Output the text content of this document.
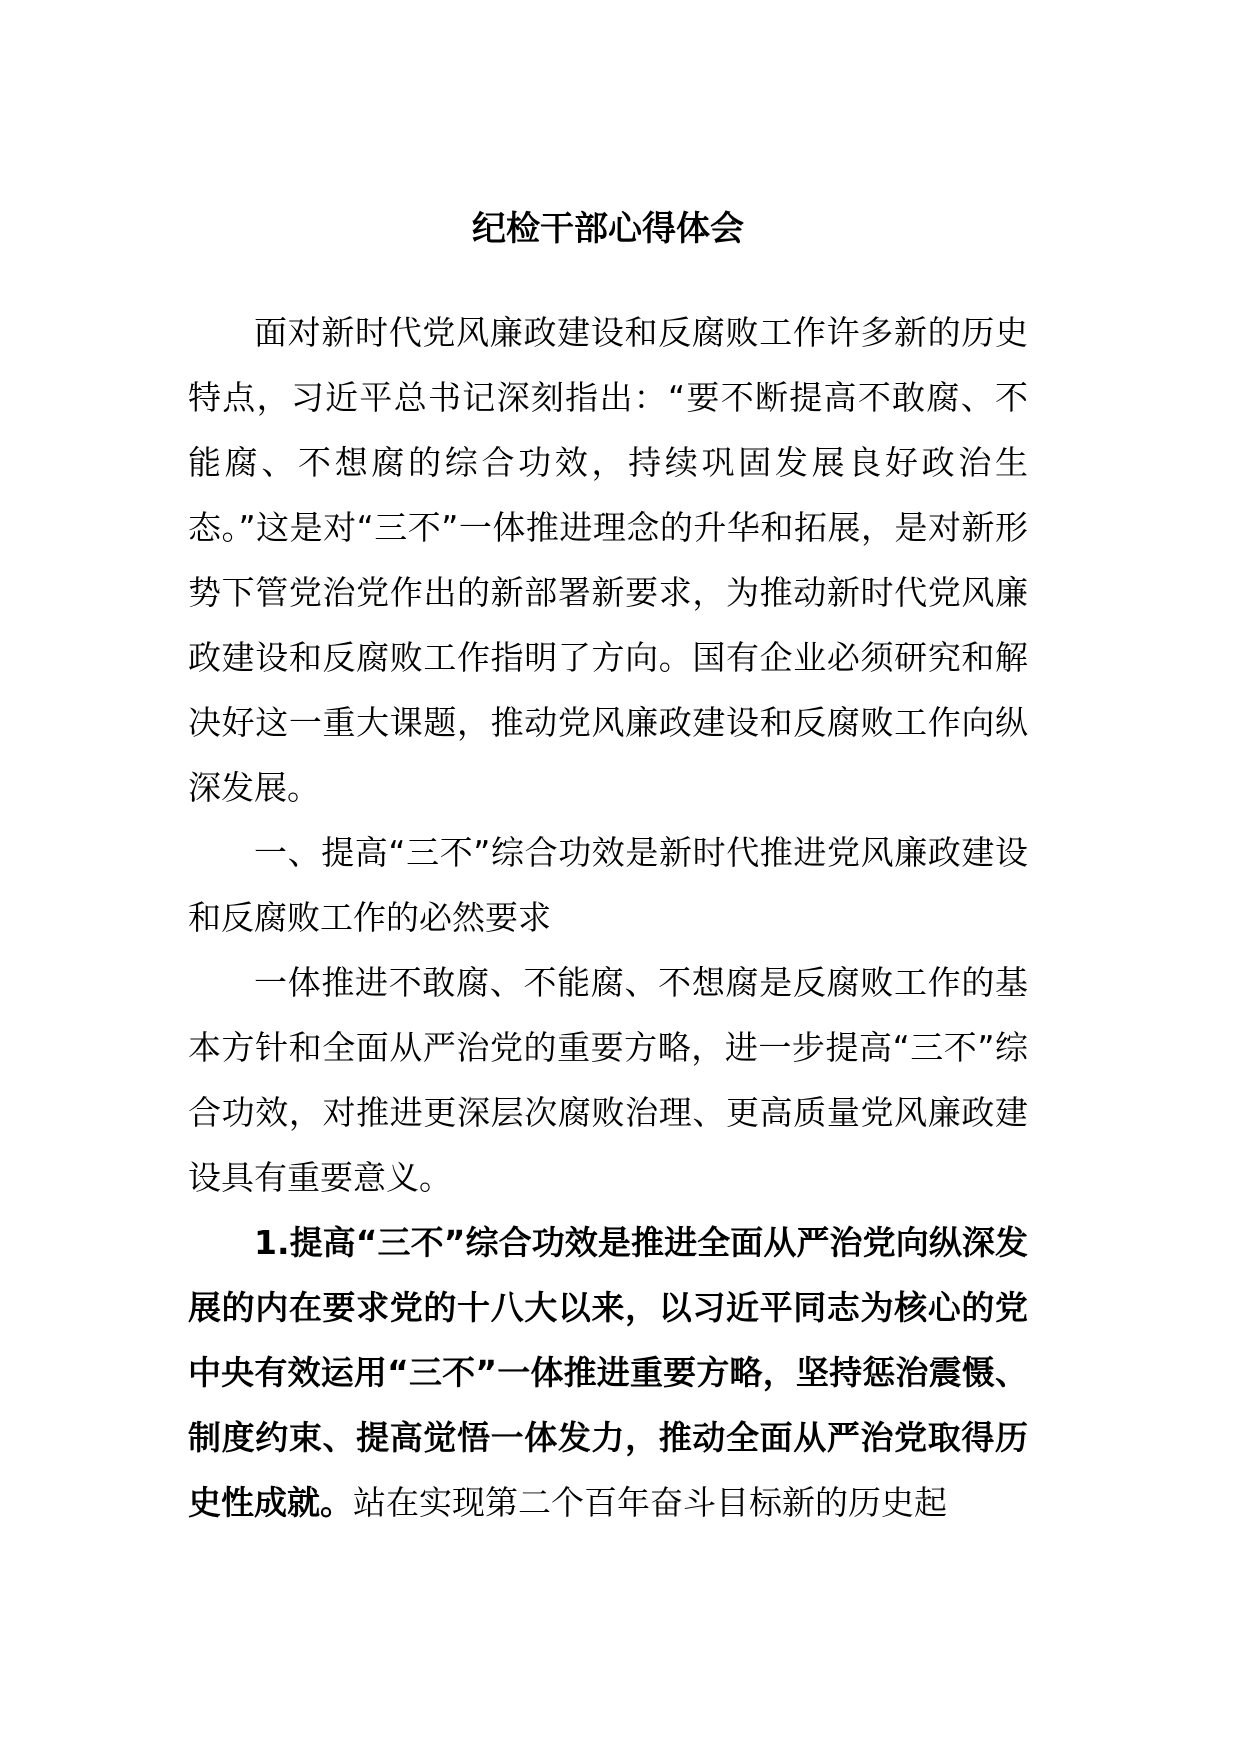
纪检干部心得体会

面对新时代党风廉政建设和反腐败工作许多新的历史特点，习近平总书记深刻指出：“要不断提高不敢腐、不能腐、不想腐的综合功效，持续巩固发展良好政治生态。”这是对“三不”一体推进理念的升华和拓展，是对新形势下管党治党作出的新部署新要求，为推动新时代党风廉政建设和反腐败工作指明了方向。国有企业必须研究和解决好这一重大课题，推动党风廉政建设和反腐败工作向纵深发展。

一、提高“三不”综合功效是新时代推进党风廉政建设和反腐败工作的必然要求

一体推进不敢腐、不能腐、不想腐是反腐败工作的基本方针和全面从严治党的重要方略，进一步提高“三不”综合功效，对推进更深层次腐败治理、更高质量党风廉政建设具有重要意义。

1.提高“三不”综合功效是推进全面从严治党向纵深发展的内在要求党的十八大以来，以习近平同志为核心的党中央有效运用“三不”一体推进重要方略，坚持惩治震慑、制度约束、提高觉悟一体发力，推动全面从严治党取得历史性成就。站在实现第二个百年奋斗目标新的历史起
